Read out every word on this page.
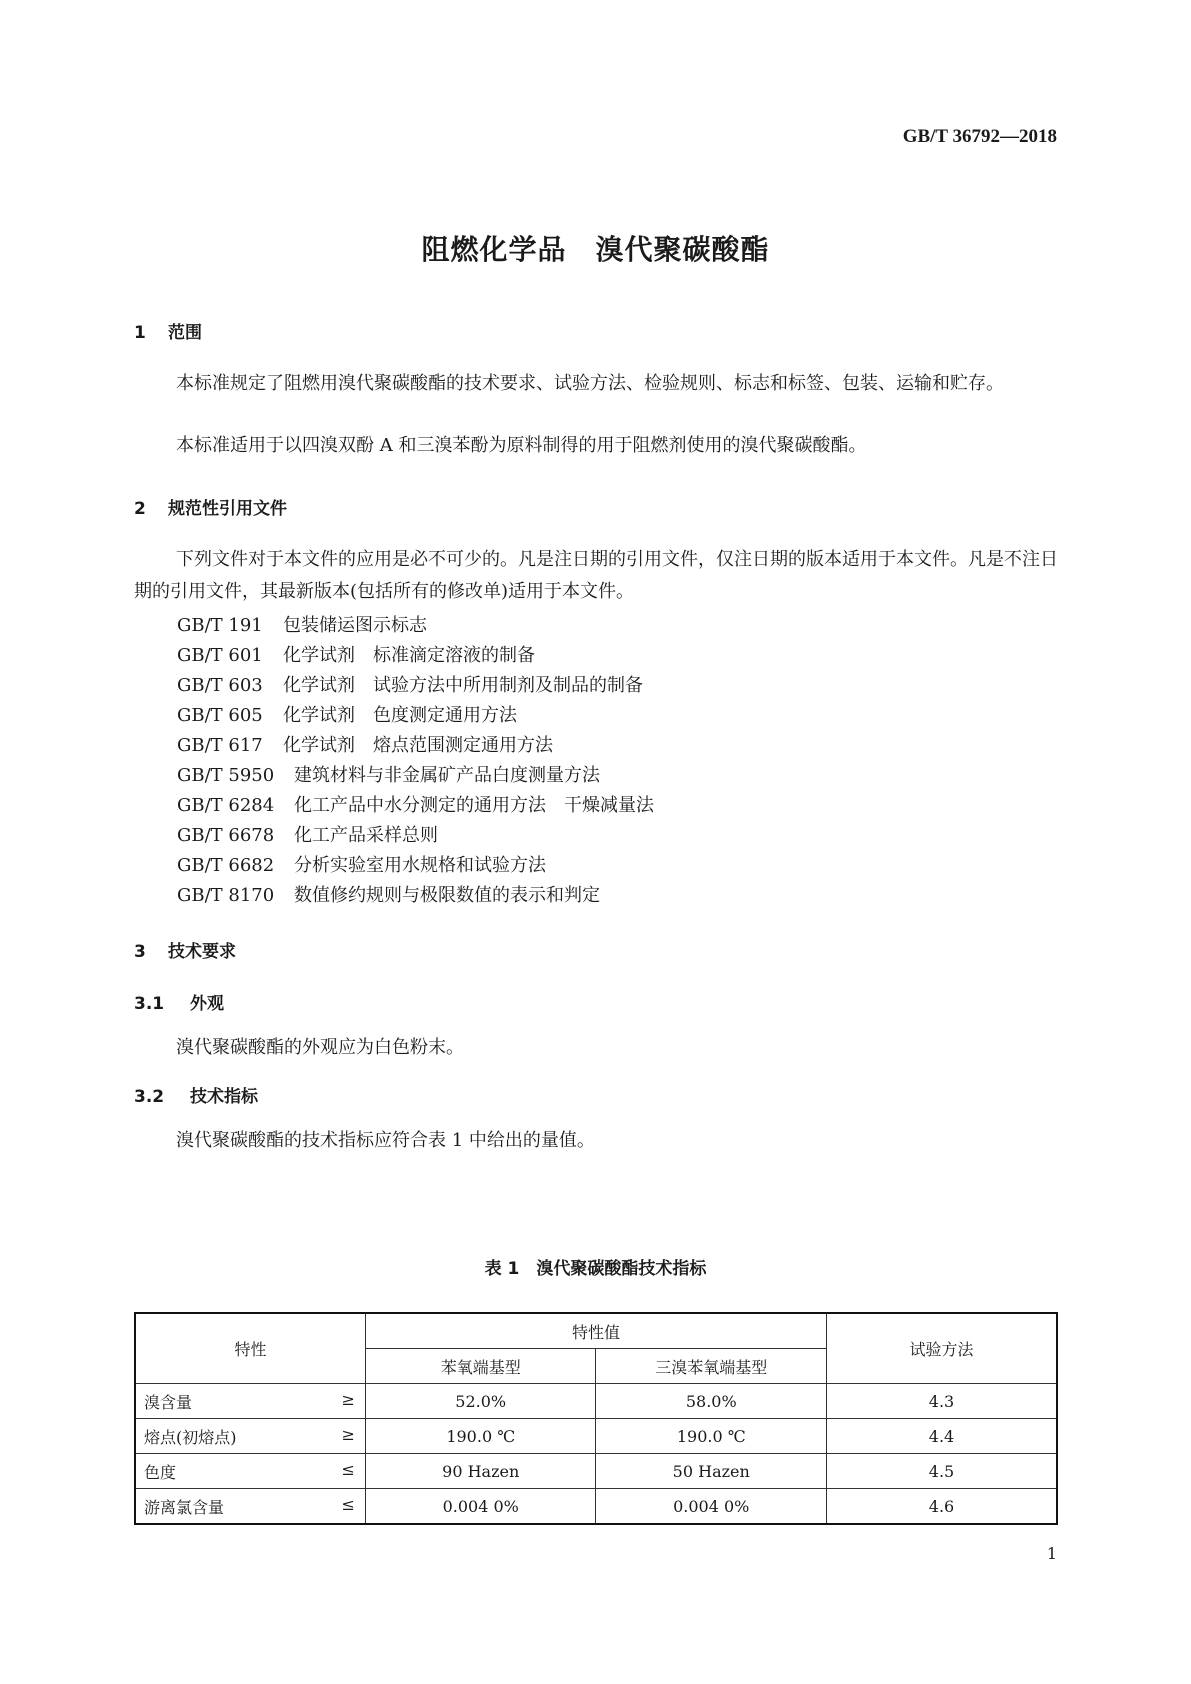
GB/T 36792—2018
阻燃化学品　溴代聚碳酸酯
1 范围
本标准规定了阻燃用溴代聚碳酸酯的技术要求、试验方法、检验规则、标志和标签、包装、运输和贮存。
本标准适用于以四溴双酚 A 和三溴苯酚为原料制得的用于阻燃剂使用的溴代聚碳酸酯。
2 规范性引用文件
下列文件对于本文件的应用是必不可少的。凡是注日期的引用文件，仅注日期的版本适用于本文件。凡是不注日期的引用文件，其最新版本(包括所有的修改单)适用于本文件。
GB/T 191 包装储运图示标志
GB/T 601 化学试剂　标准滴定溶液的制备
GB/T 603 化学试剂　试验方法中所用制剂及制品的制备
GB/T 605 化学试剂　色度测定通用方法
GB/T 617 化学试剂　熔点范围测定通用方法
GB/T 5950 建筑材料与非金属矿产品白度测量方法
GB/T 6284 化工产品中水分测定的通用方法　干燥减量法
GB/T 6678 化工产品采样总则
GB/T 6682 分析实验室用水规格和试验方法
GB/T 8170 数值修约规则与极限数值的表示和判定
3 技术要求
3.1 外观
溴代聚碳酸酯的外观应为白色粉末。
3.2 技术指标
溴代聚碳酸酯的技术指标应符合表 1 中给出的量值。
表 1　溴代聚碳酸酯技术指标
特性	特性值		试验方法
	苯氧端基型	三溴苯氧端基型	
溴含量 ≥	52.0%	58.0%	4.3
熔点(初熔点) ≥	190.0 ℃	190.0 ℃	4.4
色度 ≤	90 Hazen	50 Hazen	4.5
游离氯含量 ≤	0.004 0%	0.004 0%	4.6
1
